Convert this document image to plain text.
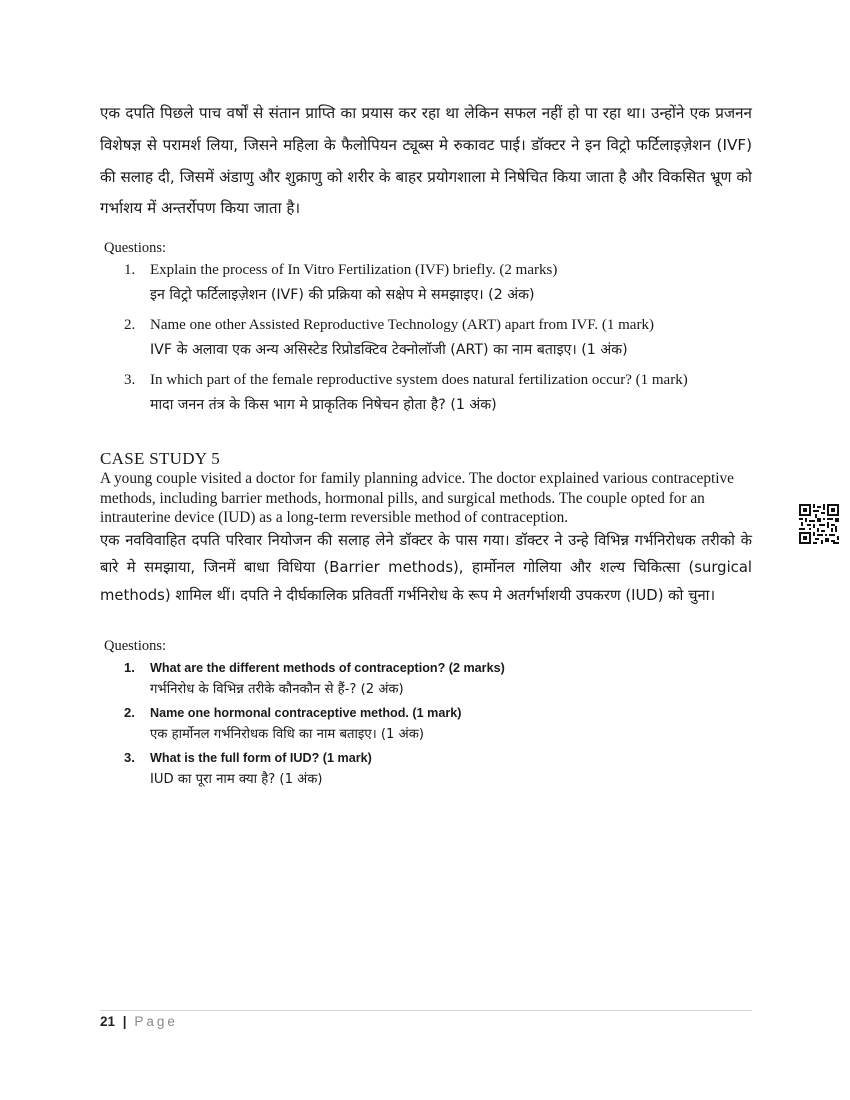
एक दपति पिछले पाच वर्षों से संतान प्राप्ति का प्रयास कर रहा था लेकिन सफल नहीं हो पा रहा था। उन्होंने एक प्रजनन विशेषज्ञ से परामर्श लिया, जिसने महिला के फैलोपियन ट्यूब्स मे रुकावट पाई। डॉक्टर ने इन विट्रो फर्टिलाइज़ेशन (IVF) की सलाह दी, जिसमें अंडाणु और शुक्राणु को शरीर के बाहर प्रयोगशाला मे निषेचित किया जाता है और विकसित भ्रूण को गर्भाशय में अन्तर्रोपण किया जाता है।

Questions:
1. Explain the process of In Vitro Fertilization (IVF) briefly. (2 marks)
इन विट्रो फर्टिलाइज़ेशन (IVF) की प्रक्रिया को सक्षेप मे समझाइए। (2 अंक)
2. Name one other Assisted Reproductive Technology (ART) apart from IVF. (1 mark)
IVF के अलावा एक अन्य असिस्टेड रिप्रोडक्टिव टेक्नोलॉजी (ART) का नाम बताइए। (1 अंक)
3. In which part of the female reproductive system does natural fertilization occur? (1 mark)
मादा जनन तंत्र के किस भाग मे प्राकृतिक निषेचन होता है? (1 अंक)
CASE STUDY 5

A young couple visited a doctor for family planning advice. The doctor explained various contraceptive methods, including barrier methods, hormonal pills, and surgical methods. The couple opted for an intrauterine device (IUD) as a long-term reversible method of contraception.

एक नवविवाहित दपति परिवार नियोजन की सलाह लेने डॉक्टर के पास गया। डॉक्टर ने उन्हे विभिन्न गर्भनिरोधक तरीको के बारे मे समझाया, जिनमें बाधा विधिया (Barrier methods), हार्मोनल गोलिया और शल्य चिकित्सा (surgical methods) शामिल थीं। दपति ने दीर्घकालिक प्रतिवर्ती गर्भनिरोध के रूप मे अतर्गर्भाशयी उपकरण (IUD) को चुना।

Questions:
1. What are the different methods of contraception? (2 marks)
गर्भनिरोध के विभिन्न तरीके कौनकौन से हैं-? (2 अंक)
2. Name one hormonal contraceptive method. (1 mark)
एक हार्मोनल गर्भनिरोधक विधि का नाम बताइए। (1 अंक)
3. What is the full form of IUD? (1 mark)
IUD का पूरा नाम क्या है? (1 अंक)
21 | Page
